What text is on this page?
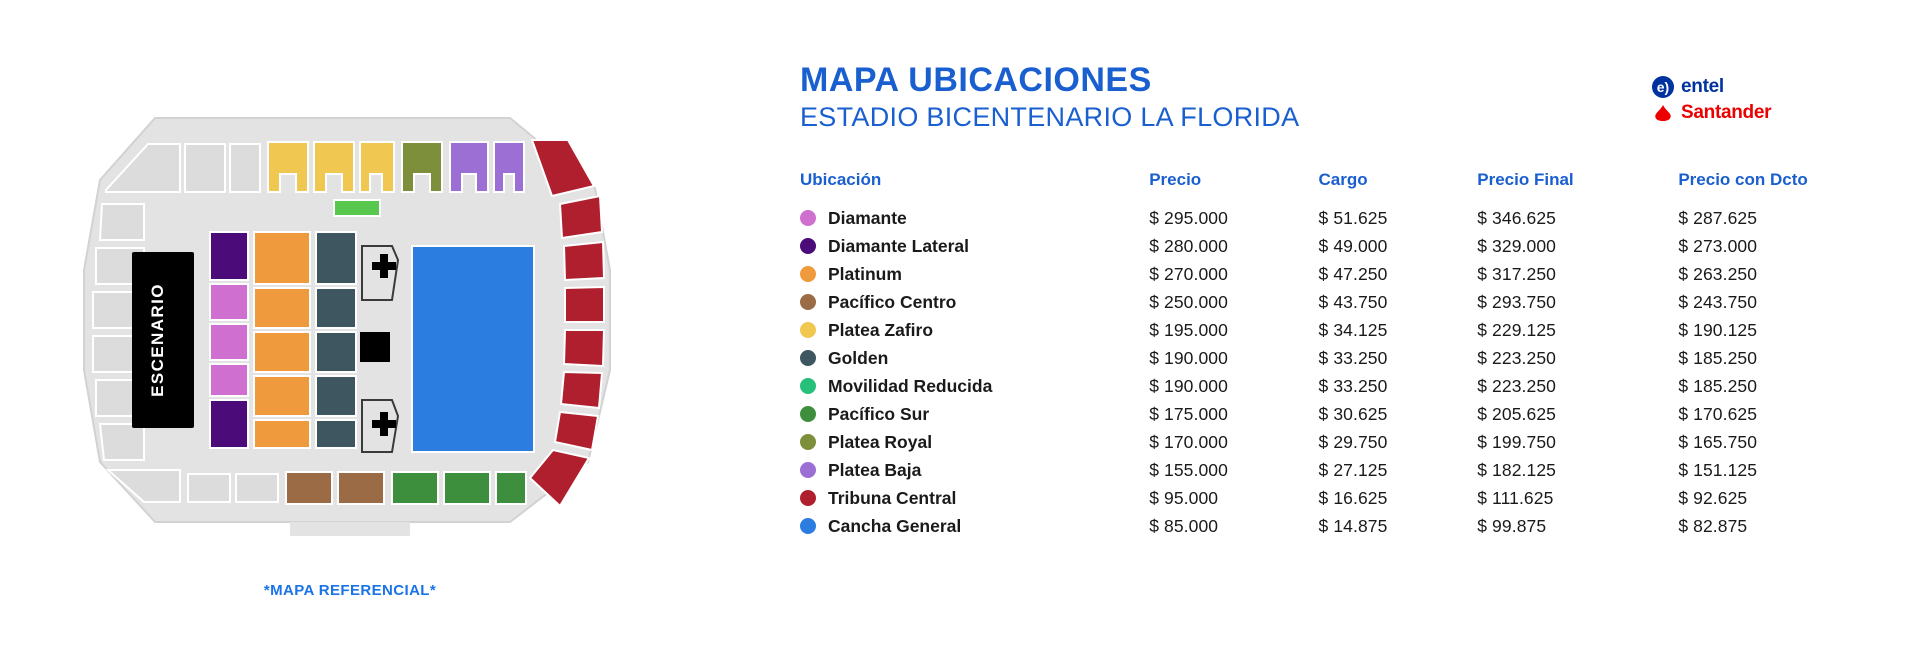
ESCENARIO
*MAPA REFERENCIAL*
MAPA UBICACIONES
ESTADIO BICENTENARIO LA FLORIDA
e) entel
Santander
Ubicación	Precio	Cargo	Precio Final	Precio con Dcto

Diamante	$ 295.000	$ 51.625	$ 346.625	$ 287.625

Diamante Lateral	$ 280.000	$ 49.000	$ 329.000	$ 273.000

Platinum	$ 270.000	$ 47.250	$ 317.250	$ 263.250

Pacífico Centro	$ 250.000	$ 43.750	$ 293.750	$ 243.750

Platea Zafiro	$ 195.000	$ 34.125	$ 229.125	$ 190.125

Golden	$ 190.000	$ 33.250	$ 223.250	$ 185.250

Movilidad Reducida	$ 190.000	$ 33.250	$ 223.250	$ 185.250

Pacífico Sur	$ 175.000	$ 30.625	$ 205.625	$ 170.625

Platea Royal	$ 170.000	$ 29.750	$ 199.750	$ 165.750

Platea Baja	$ 155.000	$ 27.125	$ 182.125	$ 151.125

Tribuna Central	$ 95.000	$ 16.625	$ 111.625	$ 92.625

Cancha General	$ 85.000	$ 14.875	$ 99.875	$ 82.875
